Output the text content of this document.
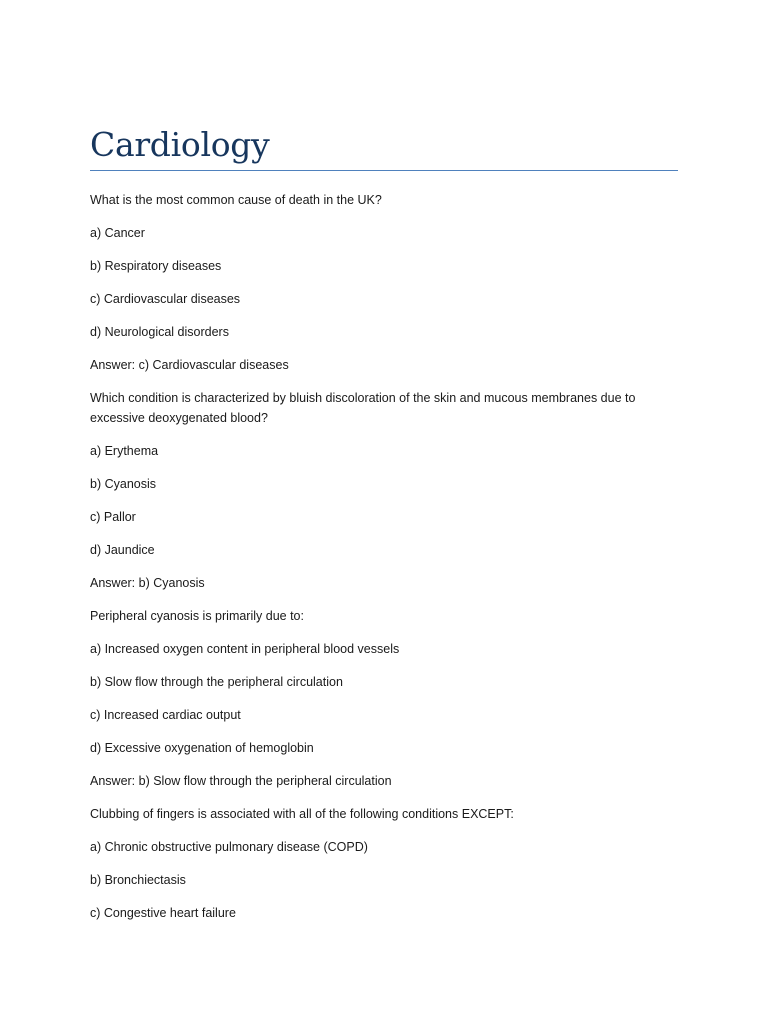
Cardiology

What is the most common cause of death in the UK?

a) Cancer

b) Respiratory diseases

c) Cardiovascular diseases

d) Neurological disorders

Answer: c) Cardiovascular diseases

Which condition is characterized by bluish discoloration of the skin and mucous membranes due to excessive deoxygenated blood?

a) Erythema

b) Cyanosis

c) Pallor

d) Jaundice

Answer: b) Cyanosis

Peripheral cyanosis is primarily due to:

a) Increased oxygen content in peripheral blood vessels

b) Slow flow through the peripheral circulation

c) Increased cardiac output

d) Excessive oxygenation of hemoglobin

Answer: b) Slow flow through the peripheral circulation

Clubbing of fingers is associated with all of the following conditions EXCEPT:

a) Chronic obstructive pulmonary disease (COPD)

b) Bronchiectasis

c) Congestive heart failure
